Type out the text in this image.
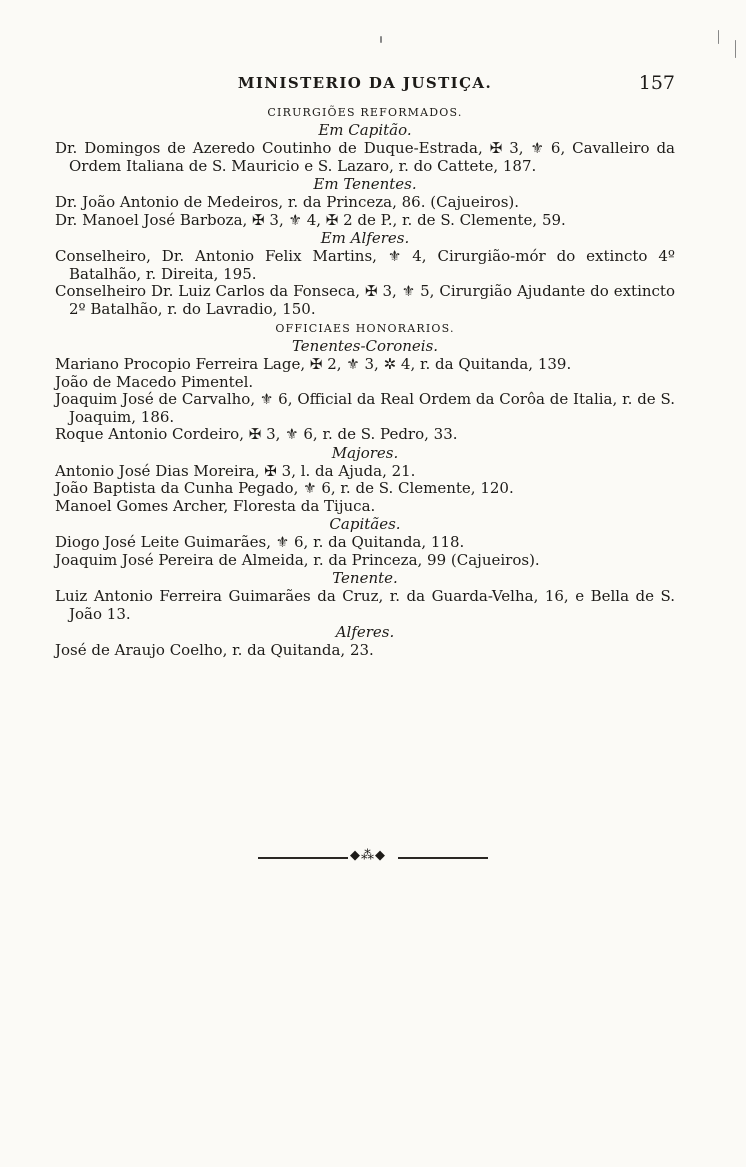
MINISTERIO DA JUSTIÇA.	157
CIRURGIÕES REFORMADOS.
Em Capitão.
Dr. Domingos de Azeredo Coutinho de Duque-Estrada, ✠ 3, ⚜ 6, Cavalleiro da Ordem Italiana de S. Mauricio e S. Lazaro, r. do Cattete, 187.
Em Tenentes.
Dr. João Antonio de Medeiros, r. da Princeza, 86. (Cajueiros).
Dr. Manoel José Barboza, ✠ 3, ⚜ 4, ✠ 2 de P., r. de S. Clemente, 59.
Em Alferes.
Conselheiro, Dr. Antonio Felix Martins, ⚜ 4, Cirurgião-mór do extincto 4º Batalhão, r. Direita, 195.
Conselheiro Dr. Luiz Carlos da Fonseca, ✠ 3, ⚜ 5, Cirurgião Ajudante do extincto 2º Batalhão, r. do Lavradio, 150.
OFFICIAES HONORARIOS.
Tenentes-Coroneis.
Mariano Procopio Ferreira Lage, ✠ 2, ⚜ 3, ✲ 4, r. da Quitanda, 139.
João de Macedo Pimentel.
Joaquim José de Carvalho, ⚜ 6, Official da Real Ordem da Corôa de Italia, r. de S. Joaquim, 186.
Roque Antonio Cordeiro, ✠ 3, ⚜ 6, r. de S. Pedro, 33.
Majores.
Antonio José Dias Moreira, ✠ 3, l. da Ajuda, 21.
João Baptista da Cunha Pegado, ⚜ 6, r. de S. Clemente, 120.
Manoel Gomes Archer, Floresta da Tijuca.
Capitães.
Diogo José Leite Guimarães, ⚜ 6, r. da Quitanda, 118.
Joaquim José Pereira de Almeida, r. da Princeza, 99 (Cajueiros).
Tenente.
Luiz Antonio Ferreira Guimarães da Cruz, r. da Guarda-Velha, 16, e Bella de S. João 13.
Alferes.
José de Araujo Coelho, r. da Quitanda, 23.
◆⁂◆
